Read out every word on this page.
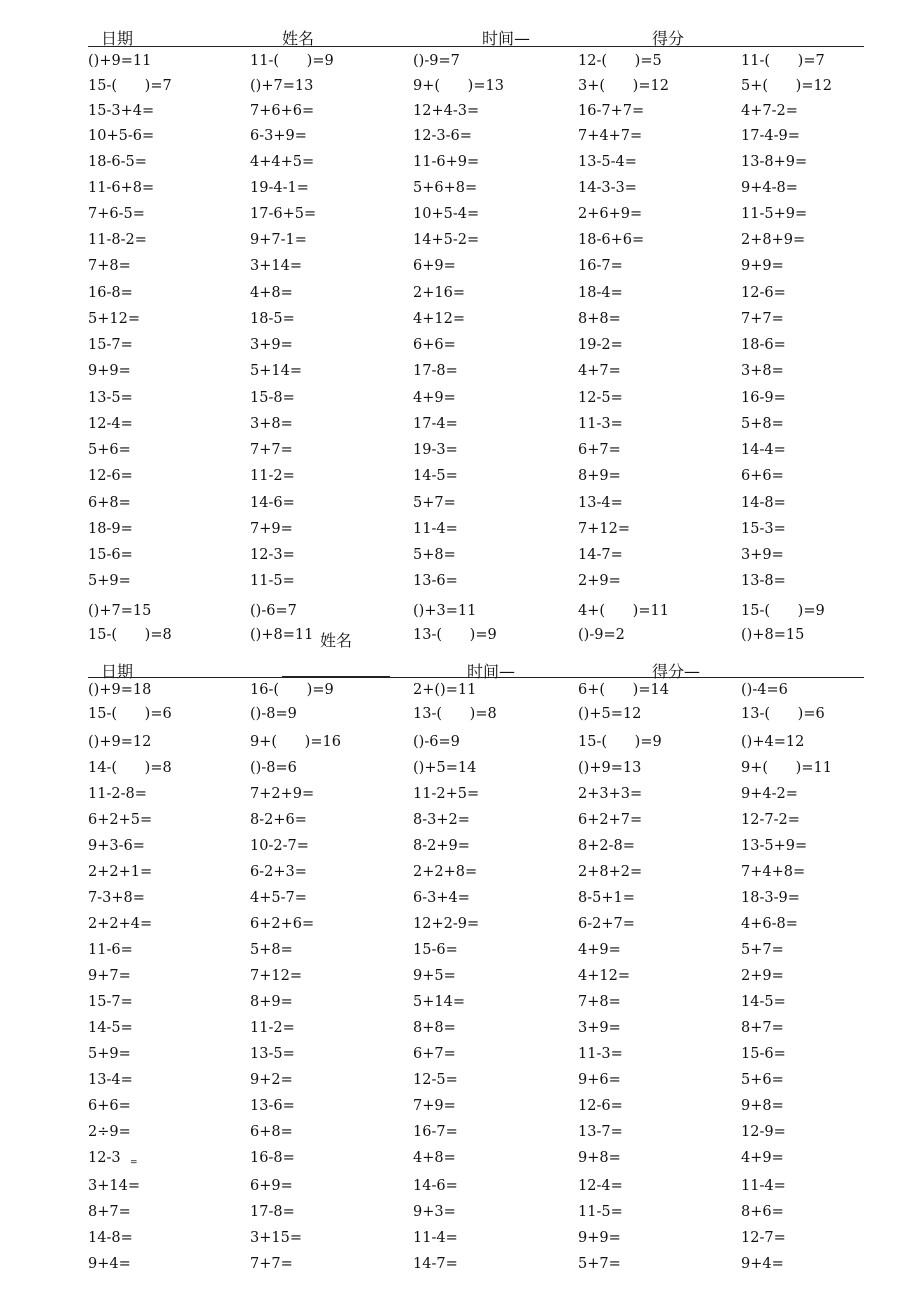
日期	姓名	时间—	得分
()+9=11	11-(      )=9	()-9=7	12-(      )=5	11-(      )=7
15-(      )=7	()+7=13	9+(      )=13	3+(      )=12	5+(      )=12
15-3+4=	7+6+6=	12+4-3=	16-7+7=	4+7-2=
10+5-6=	6-3+9=	12-3-6=	7+4+7=	17-4-9=
18-6-5=	4+4+5=	11-6+9=	13-5-4=	13-8+9=
11-6+8=	19-4-1=	5+6+8=	14-3-3=	9+4-8=
7+6-5=	17-6+5=	10+5-4=	2+6+9=	11-5+9=
11-8-2=	9+7-1=	14+5-2=	18-6+6=	2+8+9=
7+8=	3+14=	6+9=	16-7=	9+9=
16-8=	4+8=	2+16=	18-4=	12-6=
5+12=	18-5=	4+12=	8+8=	7+7=
15-7=	3+9=	6+6=	19-2=	18-6=
9+9=	5+14=	17-8=	4+7=	3+8=
13-5=	15-8=	4+9=	12-5=	16-9=
12-4=	3+8=	17-4=	11-3=	5+8=
5+6=	7+7=	19-3=	6+7=	14-4=
12-6=	11-2=	14-5=	8+9=	6+6=
6+8=	14-6=	5+7=	13-4=	14-8=
18-9=	7+9=	11-4=	7+12=	15-3=
15-6=	12-3=	5+8=	14-7=	3+9=
5+9=	11-5=	13-6=	2+9=	13-8=
()+7=15	()-6=7	()+3=11	4+(      )=11	15-(      )=9
15-(      )=8	()+8=11	13-(      )=9	()-9=2	()+8=15
姓名
日期	时间—	得分—
()+9=18	16-(      )=9	2+()=11	6+(      )=14	()-4=6
15-(      )=6	()-8=9	13-(      )=8	()+5=12	13-(      )=6
()+9=12	9+(      )=16	()-6=9	15-(      )=9	()+4=12
14-(      )=8	()-8=6	()+5=14	()+9=13	9+(      )=11
11-2-8=	7+2+9=	11-2+5=	2+3+3=	9+4-2=
6+2+5=	8-2+6=	8-3+2=	6+2+7=	12-7-2=
9+3-6=	10-2-7=	8-2+9=	8+2-8=	13-5+9=
2+2+1=	6-2+3=	2+2+8=	2+8+2=	7+4+8=
7-3+8=	4+5-7=	6-3+4=	8-5+1=	18-3-9=
2+2+4=	6+2+6=	12+2-9=	6-2+7=	4+6-8=
11-6=	5+8=	15-6=	4+9=	5+7=
9+7=	7+12=	9+5=	4+12=	2+9=
15-7=	8+9=	5+14=	7+8=	14-5=
14-5=	11-2=	8+8=	3+9=	8+7=
5+9=	13-5=	6+7=	11-3=	15-6=
13-4=	9+2=	12-5=	9+6=	5+6=
6+6=	13-6=	7+9=	12-6=	9+8=
2÷9=	6+8=	16-7=	13-7=	12-9=
12-3	16-8=	4+8=	9+8=	4+9=
3+14=	6+9=	14-6=	12-4=	11-4=
8+7=	17-8=	9+3=	11-5=	8+6=
14-8=	3+15=	11-4=	9+9=	12-7=
9+4=	7+7=	14-7=	5+7=	9+4=
=
